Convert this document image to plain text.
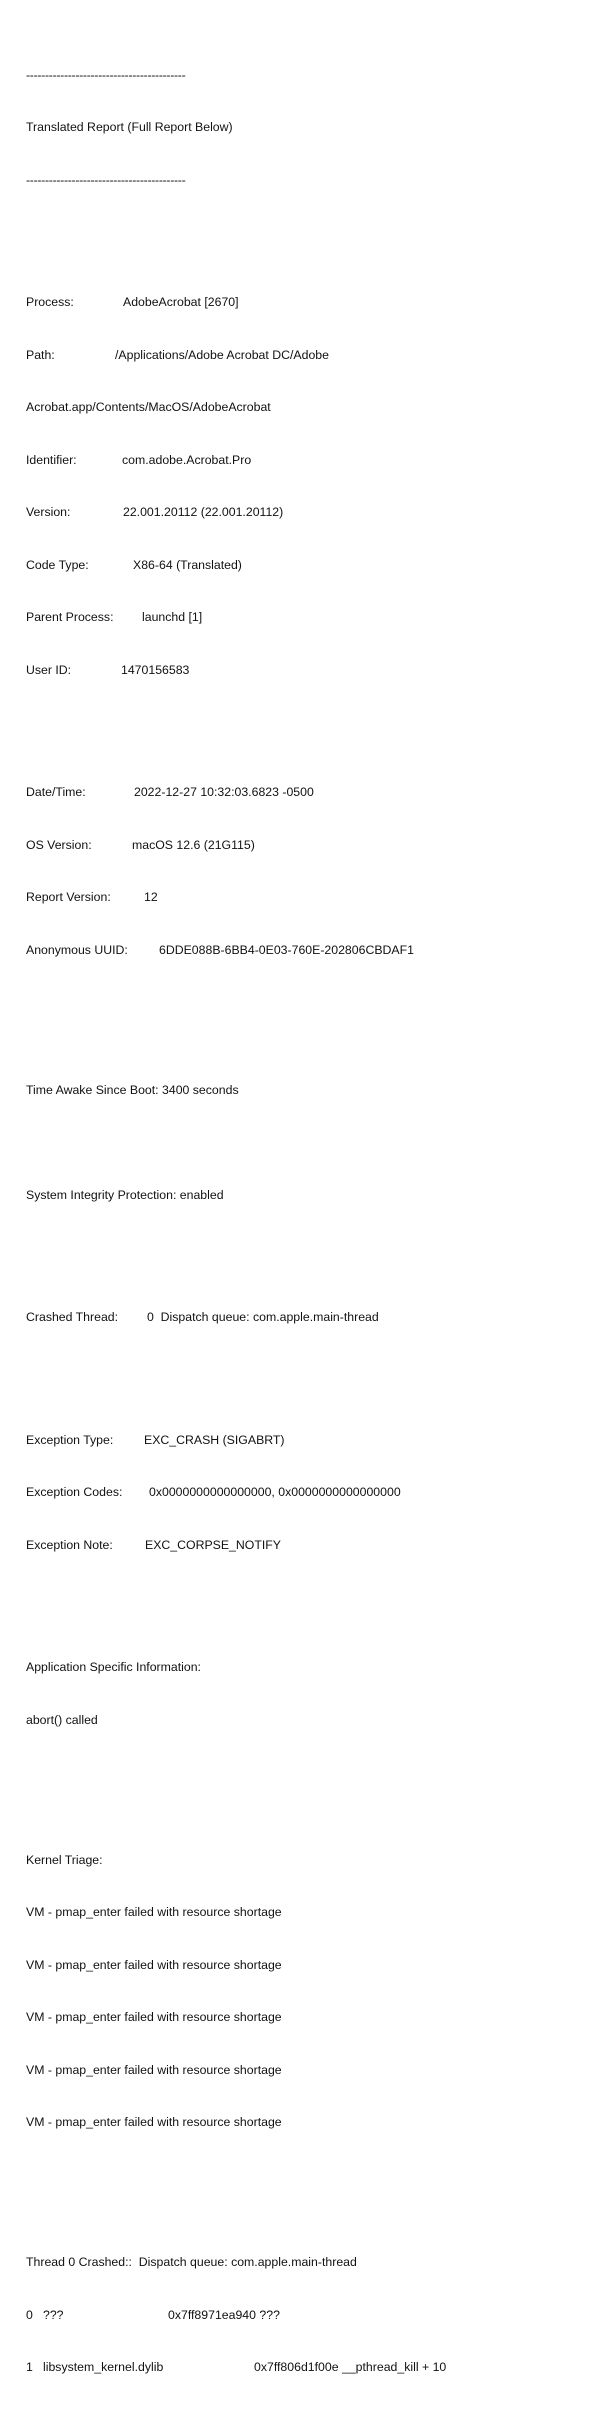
------------------------------------------

Translated Report (Full Report Below)

------------------------------------------

Process:	AdobeAcrobat [2670]

Path:	/Applications/Adobe Acrobat DC/Adobe

Acrobat.app/Contents/MacOS/AdobeAcrobat

Identifier:	com.adobe.Acrobat.Pro

Version:	22.001.20112 (22.001.20112)

Code Type:	X86-64 (Translated)

Parent Process: launchd [1]

User ID:	1470156583

Date/Time:	2022-12-27 10:32:03.6823 -0500

OS Version:	macOS 12.6 (21G115)

Report Version:	12

Anonymous UUID:	6DDE088B-6BB4-0E03-760E-202806CBDAF1

Time Awake Since Boot: 3400 seconds

System Integrity Protection: enabled

Crashed Thread: 0  Dispatch queue: com.apple.main-thread

Exception Type: EXC_CRASH (SIGABRT)

Exception Codes: 0x0000000000000000, 0x0000000000000000

Exception Note:	EXC_CORPSE_NOTIFY

Application Specific Information:

abort() called

Kernel Triage:

VM - pmap_enter failed with resource shortage

VM - pmap_enter failed with resource shortage

VM - pmap_enter failed with resource shortage

VM - pmap_enter failed with resource shortage

VM - pmap_enter failed with resource shortage

Thread 0 Crashed::  Dispatch queue: com.apple.main-thread

0 ???	0x7ff8971ea940 ???

1 libsystem_kernel.dylib	0x7ff806d1f00e __pthread_kill + 10
